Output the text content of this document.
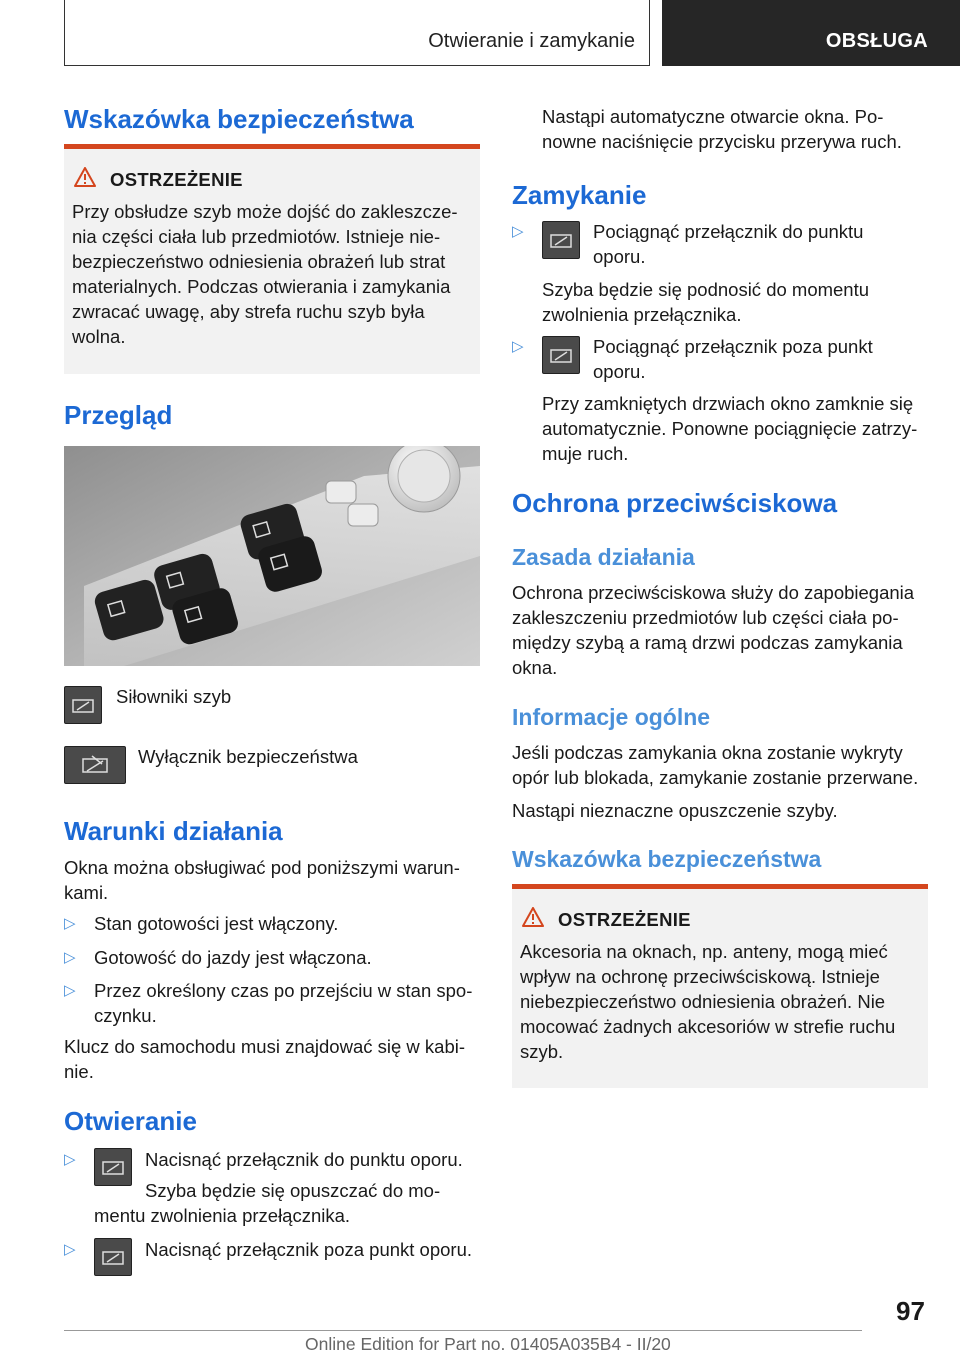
Otwieranie i zamykanie	OBSŁUGA
Wskazówka bezpieczeństwa
OSTRZEŻENIE
Przy obsłudze szyb może dojść do zakleszcze-
nia części ciała lub przedmiotów. Istnieje nie-
bezpieczeństwo odniesienia obrażeń lub strat
materialnych. Podczas otwierania i zamykania
zwracać uwagę, aby strefa ruchu szyb była
wolna.
Przegląd

Siłowniki szyb

Wyłącznik bezpieczeństwa

Warunki działania

Okna można obsługiwać pod poniższymi warun-
kami.

▷ Stan gotowości jest włączony.
▷ Gotowość do jazdy jest włączona.
▷ Przez określony czas po przejściu w stan spo-
czynku.

Klucz do samochodu musi znajdować się w kabi-
nie.

Otwieranie
▷	Nacisnąć przełącznik do punktu oporu.

Szyba będzie się opuszczać do mo-

mentu zwolnienia przełącznika.

▷	Nacisnąć przełącznik poza punkt oporu.

Nastąpi automatyczne otwarcie okna. Po-
nowne naciśnięcie przycisku przerywa ruch.

Zamykanie
▷	Pociągnąć przełącznik do punktu
oporu.

Szyba będzie się podnosić do momentu
zwolnienia przełącznika.

▷	Pociągnąć przełącznik poza punkt
oporu.

Przy zamkniętych drzwiach okno zamknie się
automatycznie. Ponowne pociągnięcie zatrzy-
muje ruch.

Ochrona przeciwściskowa
Zasada działania

Ochrona przeciwściskowa służy do zapobiegania
zakleszczeniu przedmiotów lub części ciała po-
między szybą a ramą drzwi podczas zamykania
okna.

Informacje ogólne

Jeśli podczas zamykania okna zostanie wykryty
opór lub blokada, zamykanie zostanie przerwane.

Nastąpi nieznaczne opuszczenie szyby.

Wskazówka bezpieczeństwa
OSTRZEŻENIE
Akcesoria na oknach, np. anteny, mogą mieć
wpływ na ochronę przeciwściskową. Istnieje
niebezpieczeństwo odniesienia obrażeń. Nie
mocować żadnych akcesoriów w strefie ruchu
szyb.
97
Online Edition for Part no. 01405A035B4 - II/20
